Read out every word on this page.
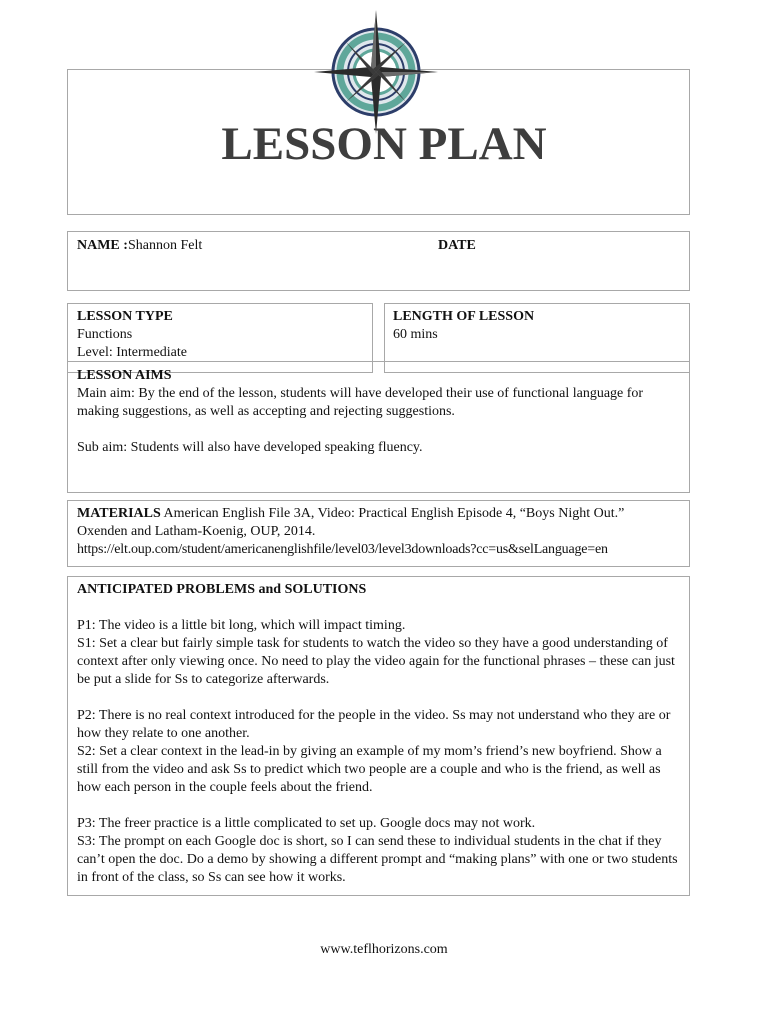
LESSON PLAN
NAME :Shannon Felt	DATE
LESSON TYPE
Functions
Level: Intermediate
LENGTH OF LESSON
60 mins
LESSON AIMS

Main aim: By the end of the lesson, students will have developed their use of functional language for making suggestions, as well as accepting and rejecting suggestions.

Sub aim: Students will also have developed speaking fluency.

MATERIALS American English File 3A, Video: Practical English Episode 4, “Boys Night Out.”

Oxenden and Latham-Koenig, OUP, 2014.

https://elt.oup.com/student/americanenglishfile/level03/level3downloads?cc=us&selLanguage=en

ANTICIPATED PROBLEMS and SOLUTIONS

P1: The video is a little bit long, which will impact timing.

S1: Set a clear but fairly simple task for students to watch the video so they have a good understanding of context after only viewing once. No need to play the video again for the functional phrases – these can just be put a slide for Ss to categorize afterwards.

P2: There is no real context introduced for the people in the video. Ss may not understand who they are or how they relate to one another.

S2: Set a clear context in the lead-in by giving an example of my mom’s friend’s new boyfriend. Show a still from the video and ask Ss to predict which two people are a couple and who is the friend, as well as how each person in the couple feels about the friend.

P3: The freer practice is a little complicated to set up. Google docs may not work.

S3: The prompt on each Google doc is short, so I can send these to individual students in the chat if they can’t open the doc. Do a demo by showing a different prompt and “making plans” with one or two students in front of the class, so Ss can see how it works.

www.teflhorizons.com
